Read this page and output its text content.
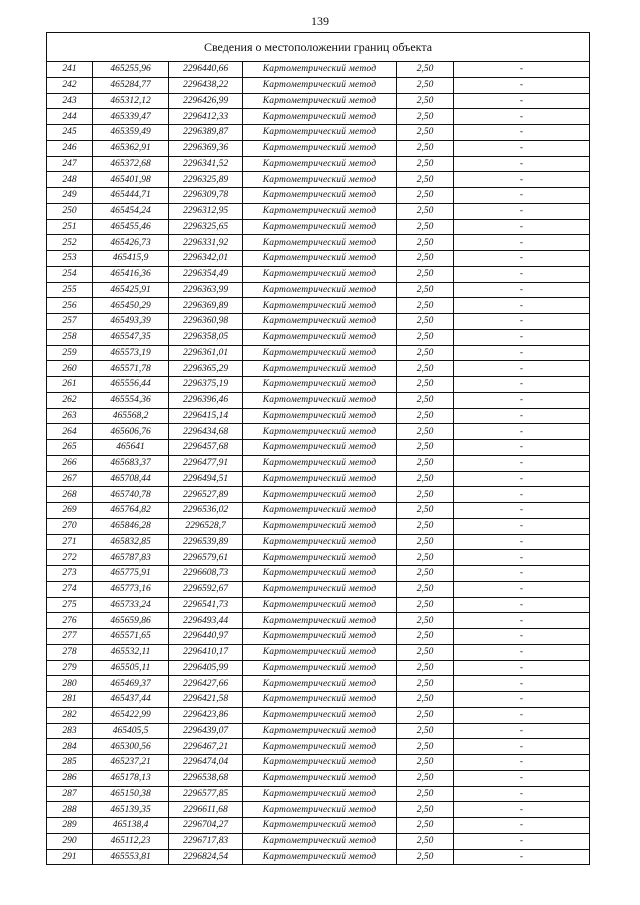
139
Сведения о местоположении границ объекта					
241	465255,96	2296440,66	Картометрический метод	2,50	-
242	465284,77	2296438,22	Картометрический метод	2,50	-
243	465312,12	2296426,99	Картометрический метод	2,50	-
244	465339,47	2296412,33	Картометрический метод	2,50	-
245	465359,49	2296389,87	Картометрический метод	2,50	-
246	465362,91	2296369,36	Картометрический метод	2,50	-
247	465372,68	2296341,52	Картометрический метод	2,50	-
248	465401,98	2296325,89	Картометрический метод	2,50	-
249	465444,71	2296309,78	Картометрический метод	2,50	-
250	465454,24	2296312,95	Картометрический метод	2,50	-
251	465455,46	2296325,65	Картометрический метод	2,50	-
252	465426,73	2296331,92	Картометрический метод	2,50	-
253	465415,9	2296342,01	Картометрический метод	2,50	-
254	465416,36	2296354,49	Картометрический метод	2,50	-
255	465425,91	2296363,99	Картометрический метод	2,50	-
256	465450,29	2296369,89	Картометрический метод	2,50	-
257	465493,39	2296360,98	Картометрический метод	2,50	-
258	465547,35	2296358,05	Картометрический метод	2,50	-
259	465573,19	2296361,01	Картометрический метод	2,50	-
260	465571,78	2296365,29	Картометрический метод	2,50	-
261	465556,44	2296375,19	Картометрический метод	2,50	-
262	465554,36	2296396,46	Картометрический метод	2,50	-
263	465568,2	2296415,14	Картометрический метод	2,50	-
264	465606,76	2296434,68	Картометрический метод	2,50	-
265	465641	2296457,68	Картометрический метод	2,50	-
266	465683,37	2296477,91	Картометрический метод	2,50	-
267	465708,44	2296494,51	Картометрический метод	2,50	-
268	465740,78	2296527,89	Картометрический метод	2,50	-
269	465764,82	2296536,02	Картометрический метод	2,50	-
270	465846,28	2296528,7	Картометрический метод	2,50	-
271	465832,85	2296539,89	Картометрический метод	2,50	-
272	465787,83	2296579,61	Картометрический метод	2,50	-
273	465775,91	2296608,73	Картометрический метод	2,50	-
274	465773,16	2296592,67	Картометрический метод	2,50	-
275	465733,24	2296541,73	Картометрический метод	2,50	-
276	465659,86	2296493,44	Картометрический метод	2,50	-
277	465571,65	2296440,97	Картометрический метод	2,50	-
278	465532,11	2296410,17	Картометрический метод	2,50	-
279	465505,11	2296405,99	Картометрический метод	2,50	-
280	465469,37	2296427,66	Картометрический метод	2,50	-
281	465437,44	2296421,58	Картометрический метод	2,50	-
282	465422,99	2296423,86	Картометрический метод	2,50	-
283	465405,5	2296439,07	Картометрический метод	2,50	-
284	465300,56	2296467,21	Картометрический метод	2,50	-
285	465237,21	2296474,04	Картометрический метод	2,50	-
286	465178,13	2296538,68	Картометрический метод	2,50	-
287	465150,38	2296577,85	Картометрический метод	2,50	-
288	465139,35	2296611,68	Картометрический метод	2,50	-
289	465138,4	2296704,27	Картометрический метод	2,50	-
290	465112,23	2296717,83	Картометрический метод	2,50	-
291	465553,81	2296824,54	Картометрический метод	2,50	-
